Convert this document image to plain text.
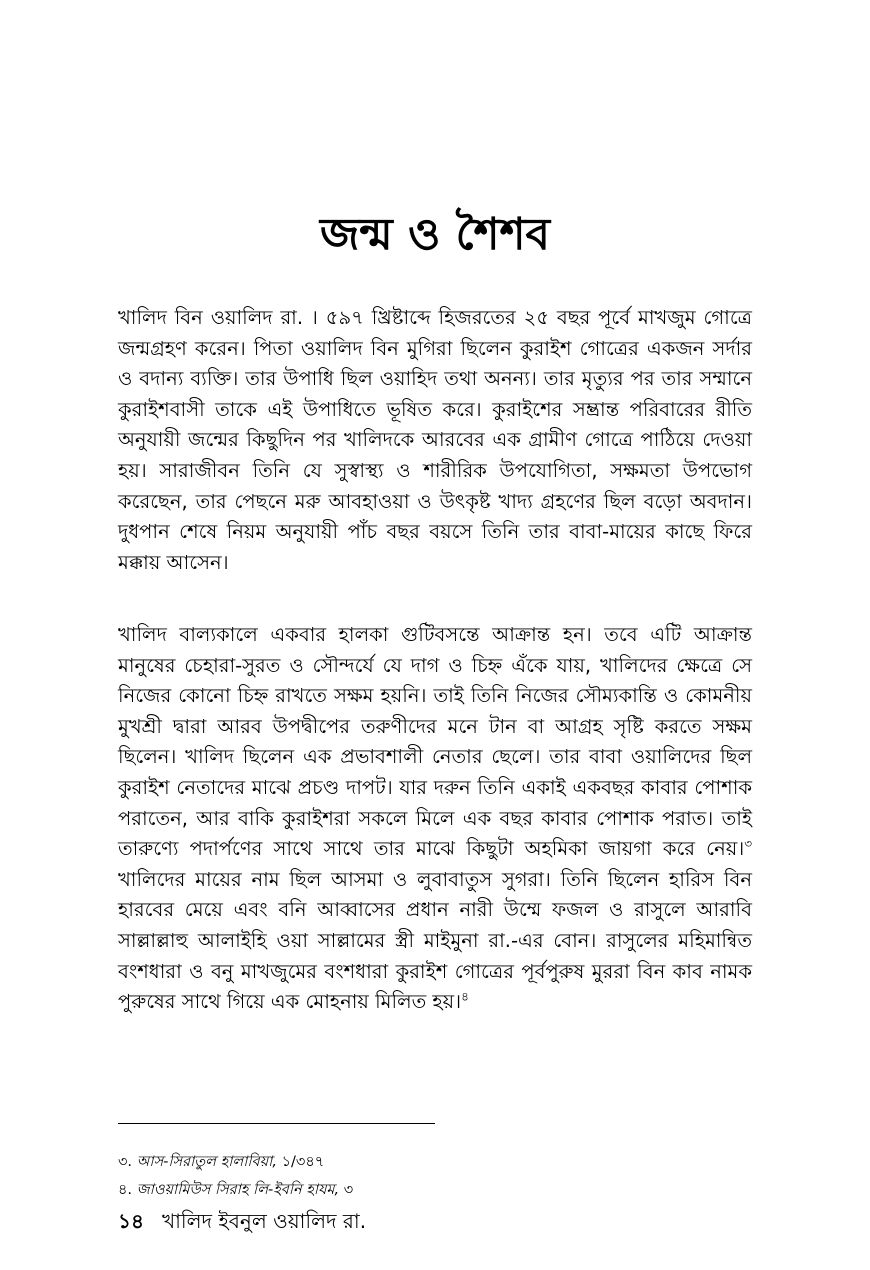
জন্ম ও শৈশব

খালিদ বিন ওয়ালিদ রা. । ৫৯৭ খ্রিষ্টাব্দে হিজরতের ২৫ বছর পূর্বে মাখজুম গোত্রে জন্মগ্রহণ করেন। পিতা ওয়ালিদ বিন মুগিরা ছিলেন কুরাইশ গোত্রের একজন সর্দার ও বদান্য ব্যক্তি। তার উপাধি ছিল ওয়াহিদ তথা অনন্য। তার মৃত্যুর পর তার সম্মানে কুরাইশবাসী তাকে এই উপাধিতে ভূষিত করে। কুরাইশের সম্ভ্রান্ত পরিবারের রীতি অনুযায়ী জন্মের কিছুদিন পর খালিদকে আরবের এক গ্রামীণ গোত্রে পাঠিয়ে দেওয়া হয়। সারাজীবন তিনি যে সুস্বাস্থ্য ও শারীরিক উপযোগিতা, সক্ষমতা উপভোগ করেছেন, তার পেছনে মরু আবহাওয়া ও উৎকৃষ্ট খাদ্য গ্রহণের ছিল বড়ো অবদান। দুধপান শেষে নিয়ম অনুযায়ী পাঁচ বছর বয়সে তিনি তার বাবা-মায়ের কাছে ফিরে মক্কায় আসেন।

খালিদ বাল্যকালে একবার হালকা গুটিবসন্তে আক্রান্ত হন। তবে এটি আক্রান্ত মানুষের চেহারা-সুরত ও সৌন্দর্যে যে দাগ ও চিহ্ন এঁকে যায়, খালিদের ক্ষেত্রে সে নিজের কোনো চিহ্ন রাখতে সক্ষম হয়নি। তাই তিনি নিজের সৌম্যকান্তি ও কোমনীয় মুখশ্রী দ্বারা আরব উপদ্বীপের তরুণীদের মনে টান বা আগ্রহ সৃষ্টি করতে সক্ষম ছিলেন। খালিদ ছিলেন এক প্রভাবশালী নেতার ছেলে। তার বাবা ওয়ালিদের ছিল কুরাইশ নেতাদের মাঝে প্রচণ্ড দাপট। যার দরুন তিনি একাই একবছর কাবার পোশাক পরাতেন, আর বাকি কুরাইশরা সকলে মিলে এক বছর কাবার পোশাক পরাত। তাই তারুণ্যে পদার্পণের সাথে সাথে তার মাঝে কিছুটা অহমিকা জায়গা করে নেয়।$^৩$ খালিদের মায়ের নাম ছিল আসমা ও লুবাবাতুস সুগরা। তিনি ছিলেন হারিস বিন হারবের মেয়ে এবং বনি আব্বাসের প্রধান নারী উম্মে ফজল ও রাসুলে আরাবি সাল্লাল্লাহু আলাইহি ওয়া সাল্লামের স্ত্রী মাইমুনা রা.-এর বোন। রাসুলের মহিমান্বিত বংশধারা ও বনু মাখজুমের বংশধারা কুরাইশ গোত্রের পূর্বপুরুষ মুররা বিন কাব নামক পুরুষের সাথে গিয়ে এক মোহনায় মিলিত হয়।$^৪$

৩. আস-সিরাতুল হালাবিয়া, ১/৩৪৭

৪. জাওয়ামিউস সিরাহ লি-ইবনি হাযম, ৩

১৪ খালিদ ইবনুল ওয়ালিদ রা.
